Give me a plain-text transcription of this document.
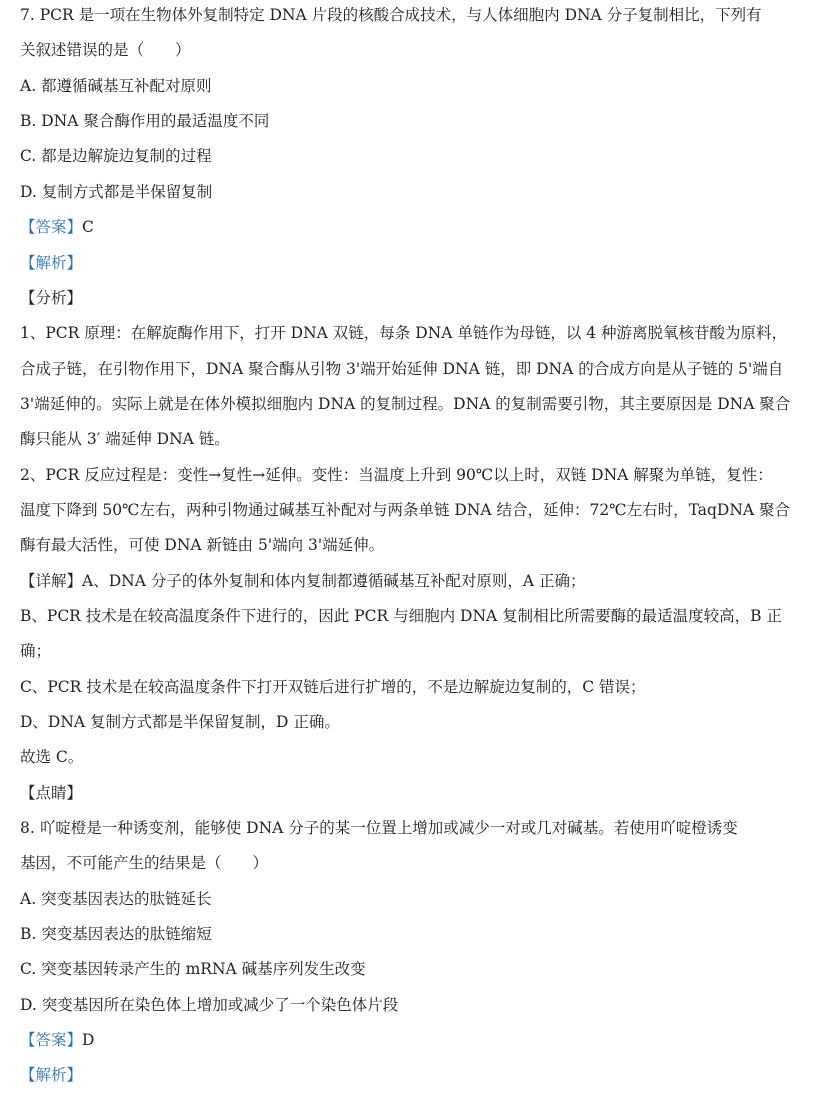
7. PCR 是一项在生物体外复制特定 DNA 片段的核酸合成技术，与人体细胞内 DNA 分子复制相比，下列有
关叙述错误的是（　　）
A. 都遵循碱基互补配对原则
B. DNA 聚合酶作用的最适温度不同
C. 都是边解旋边复制的过程
D. 复制方式都是半保留复制
【答案】C
【解析】
【分析】
1、PCR 原理：在解旋酶作用下，打开 DNA 双链，每条 DNA 单链作为母链，以 4 种游离脱氧核苷酸为原料，
合成子链，在引物作用下，DNA 聚合酶从引物 3'端开始延伸 DNA 链，即 DNA 的合成方向是从子链的 5'端自
3'端延伸的。实际上就是在体外模拟细胞内 DNA 的复制过程。DNA 的复制需要引物，其主要原因是 DNA 聚合
酶只能从 3′ 端延伸 DNA 链。
2、PCR 反应过程是：变性→复性→延伸。变性：当温度上升到 90℃以上时，双链 DNA 解聚为单链，复性：
温度下降到 50℃左右，两种引物通过碱基互补配对与两条单链 DNA 结合，延伸：72℃左右时，TaqDNA 聚合
酶有最大活性，可使 DNA 新链由 5'端向 3'端延伸。
【详解】A、DNA 分子的体外复制和体内复制都遵循碱基互补配对原则，A 正确；
B、PCR 技术是在较高温度条件下进行的，因此 PCR 与细胞内 DNA 复制相比所需要酶的最适温度较高，B 正
确；
C、PCR 技术是在较高温度条件下打开双链后进行扩增的，不是边解旋边复制的，C 错误；
D、DNA 复制方式都是半保留复制，D 正确。
故选 C。
【点睛】
8. 吖啶橙是一种诱变剂，能够使 DNA 分子的某一位置上增加或减少一对或几对碱基。若使用吖啶橙诱变
基因，不可能产生的结果是（　　）
A. 突变基因表达的肽链延长
B. 突变基因表达的肽链缩短
C. 突变基因转录产生的 mRNA 碱基序列发生改变
D. 突变基因所在染色体上增加或减少了一个染色体片段
【答案】D
【解析】
